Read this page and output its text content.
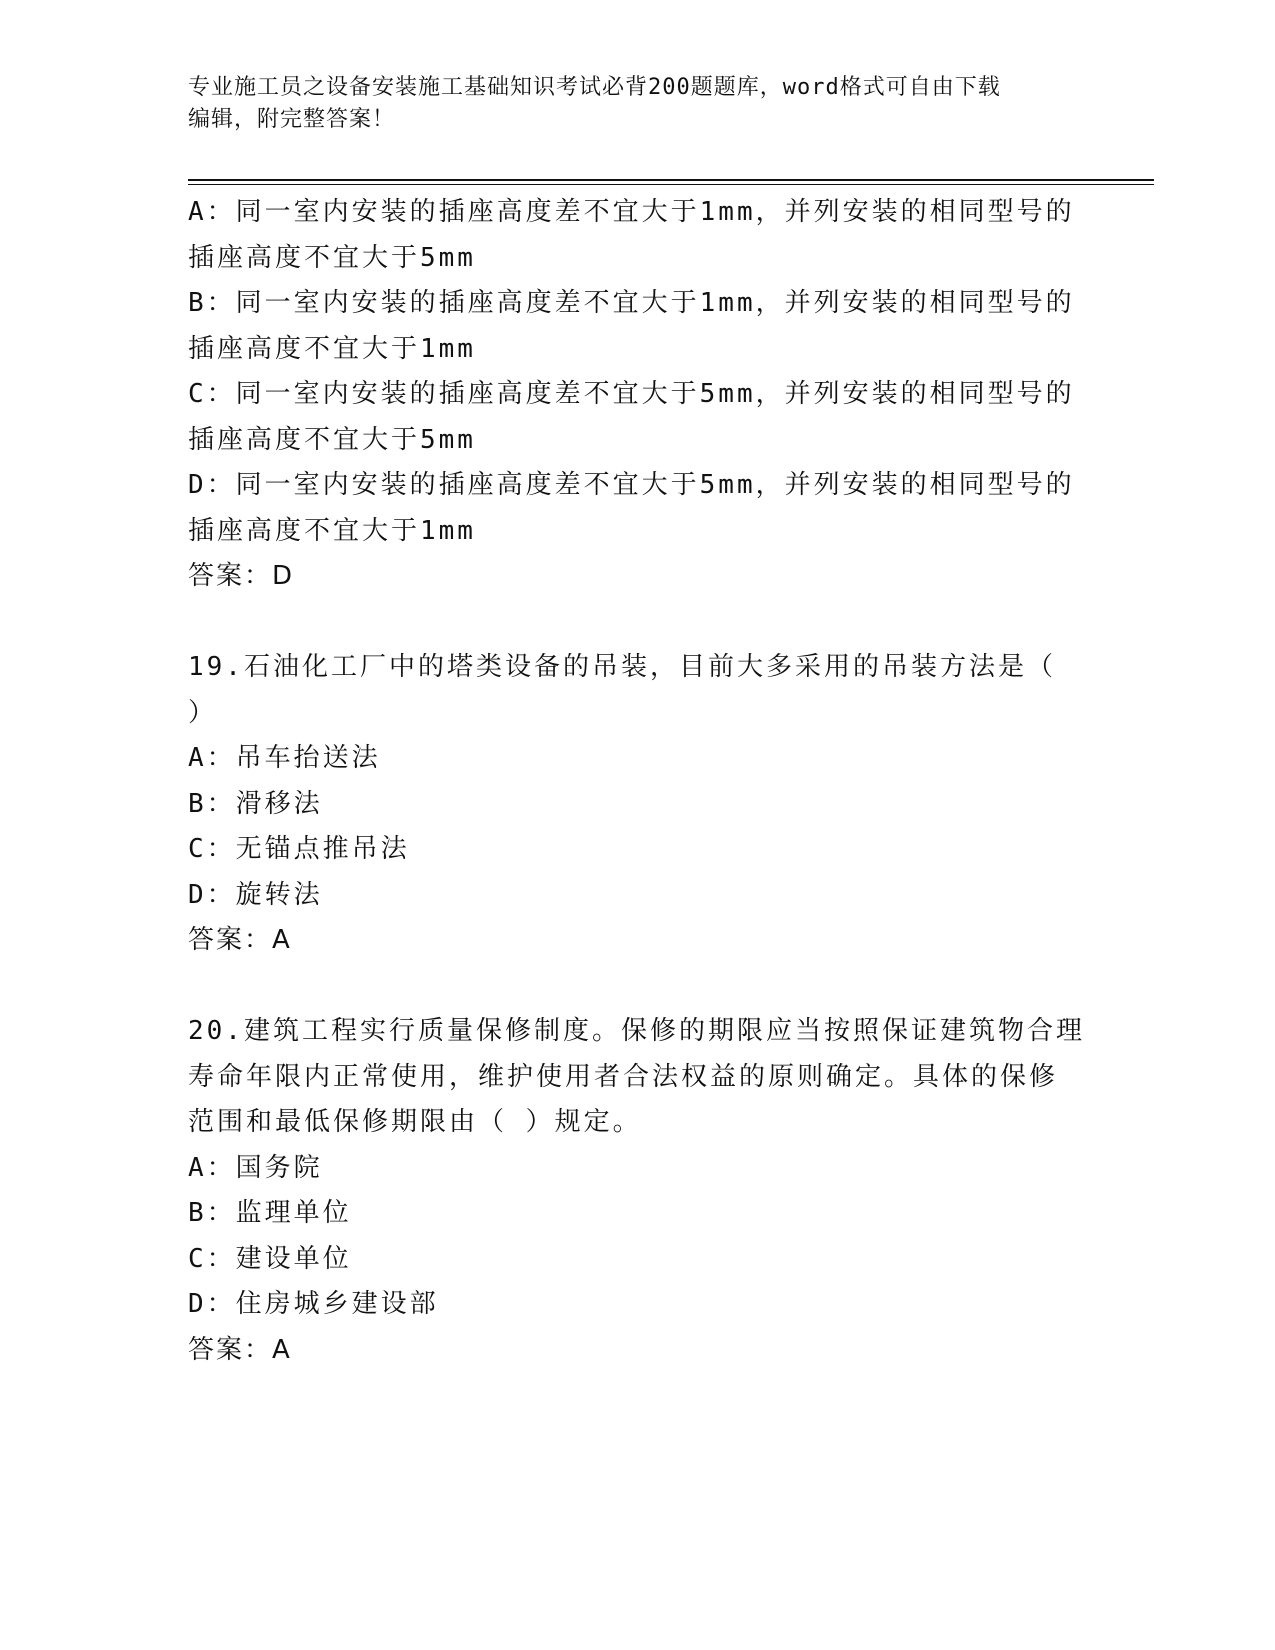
专业施工员之设备安装施工基础知识考试必背200题题库，word格式可自由下载
编辑，附完整答案！
A：同一室内安装的插座高度差不宜大于1mm，并列安装的相同型号的
插座高度不宜大于5mm
B：同一室内安装的插座高度差不宜大于1mm，并列安装的相同型号的
插座高度不宜大于1mm
C：同一室内安装的插座高度差不宜大于5mm，并列安装的相同型号的
插座高度不宜大于5mm
D：同一室内安装的插座高度差不宜大于5mm，并列安装的相同型号的
插座高度不宜大于1mm
答案：D
19.石油化工厂中的塔类设备的吊装，目前大多采用的吊装方法是（
）
A：吊车抬送法
B：滑移法
C：无锚点推吊法
D：旋转法
答案：A
20.建筑工程实行质量保修制度。保修的期限应当按照保证建筑物合理
寿命年限内正常使用，维护使用者合法权益的原则确定。具体的保修
范围和最低保修期限由（ ）规定。
A：国务院
B：监理单位
C：建设单位
D：住房城乡建设部
答案：A
